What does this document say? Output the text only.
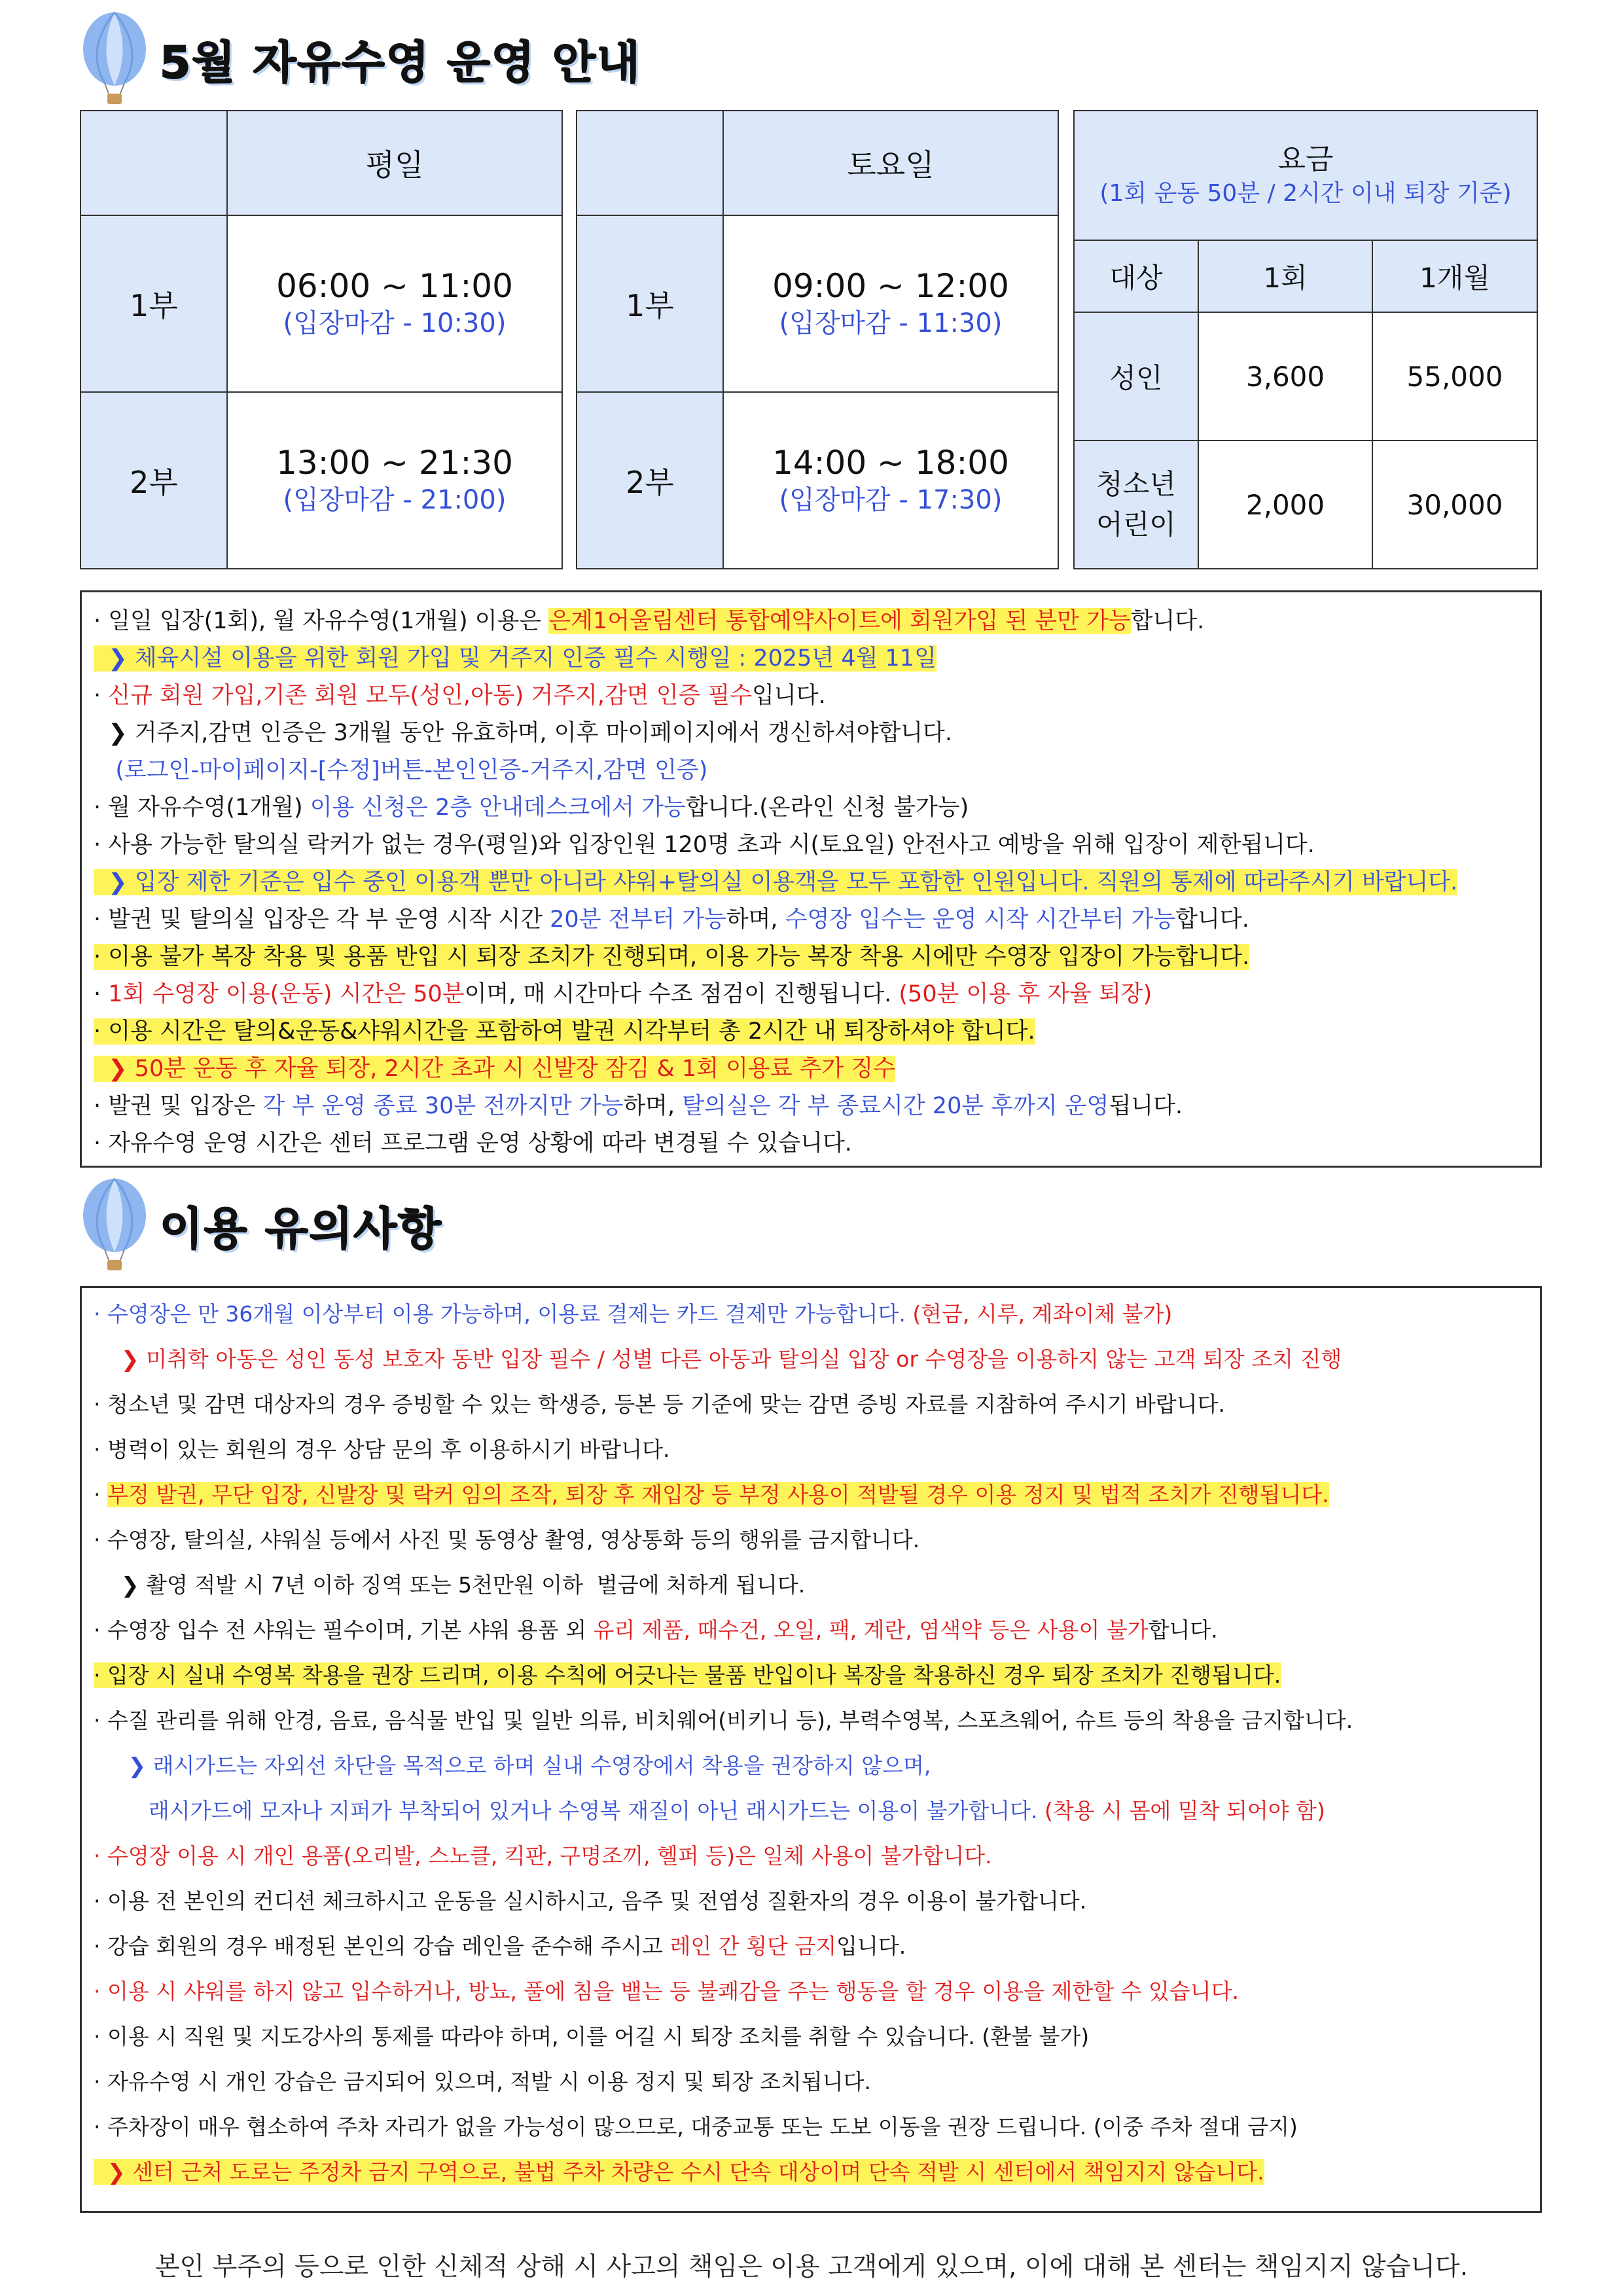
5월 자유수영 운영 안내
	평일
1부	06:00 ~ 11:00
(입장마감 - 10:30)

2부	13:00 ~ 21:30
(입장마감 - 21:00)
	토요일
1부	09:00 ~ 12:00
(입장마감 - 11:30)

2부	14:00 ~ 18:00
(입장마감 - 17:30)
요금
(1회 운동 50분 / 2시간 이내 퇴장 기준)		

대상	1회	1개월
성인	3,600	55,000
청소년
어린이	2,000	30,000
· 일일 입장(1회), 월 자유수영(1개월) 이용은 은계1어울림센터 통합예약사이트에 회원가입 된 분만 가능합니다.
❯ 체육시설 이용을 위한 회원 가입 및 거주지 인증 필수 시행일 : 2025년 4월 11일
· 신규 회원 가입,기존 회원 모두(성인,아동) 거주지,감면 인증 필수입니다.
❯ 거주지,감면 인증은 3개월 동안 유효하며, 이후 마이페이지에서 갱신하셔야합니다.
(로그인-마이페이지-[수정]버튼-본인인증-거주지,감면 인증)
· 월 자유수영(1개월) 이용 신청은 2층 안내데스크에서 가능합니다.(온라인 신청 불가능)
· 사용 가능한 탈의실 락커가 없는 경우(평일)와 입장인원 120명 초과 시(토요일) 안전사고 예방을 위해 입장이 제한됩니다.
❯ 입장 제한 기준은 입수 중인 이용객 뿐만 아니라 샤워+탈의실 이용객을 모두 포함한 인원입니다. 직원의 통제에 따라주시기 바랍니다.
· 발권 및 탈의실 입장은 각 부 운영 시작 시간 20분 전부터 가능하며, 수영장 입수는 운영 시작 시간부터 가능합니다.
· 이용 불가 복장 착용 및 용품 반입 시 퇴장 조치가 진행되며, 이용 가능 복장 착용 시에만 수영장 입장이 가능합니다.
· 1회 수영장 이용(운동) 시간은 50분이며, 매 시간마다 수조 점검이 진행됩니다. (50분 이용 후 자율 퇴장)
· 이용 시간은 탈의&운동&샤워시간을 포함하여 발권 시각부터 총 2시간 내 퇴장하셔야 합니다.
❯ 50분 운동 후 자율 퇴장, 2시간 초과 시 신발장 잠김 & 1회 이용료 추가 징수
· 발권 및 입장은 각 부 운영 종료 30분 전까지만 가능하며, 탈의실은 각 부 종료시간 20분 후까지 운영됩니다.
· 자유수영 운영 시간은 센터 프로그램 운영 상황에 따라 변경될 수 있습니다.
이용 유의사항
· 수영장은 만 36개월 이상부터 이용 가능하며, 이용료 결제는 카드 결제만 가능합니다. (현금, 시루, 계좌이체 불가)
❯ 미취학 아동은 성인 동성 보호자 동반 입장 필수 / 성별 다른 아동과 탈의실 입장 or 수영장을 이용하지 않는 고객 퇴장 조치 진행
· 청소년 및 감면 대상자의 경우 증빙할 수 있는 학생증, 등본 등 기준에 맞는 감면 증빙 자료를 지참하여 주시기 바랍니다.
· 병력이 있는 회원의 경우 상담 문의 후 이용하시기 바랍니다.
· 부정 발권, 무단 입장, 신발장 및 락커 임의 조작, 퇴장 후 재입장 등 부정 사용이 적발될 경우 이용 정지 및 법적 조치가 진행됩니다.
· 수영장, 탈의실, 샤워실 등에서 사진 및 동영상 촬영, 영상통화 등의 행위를 금지합니다.
❯ 촬영 적발 시 7년 이하 징역 또는 5천만원 이하  벌금에 처하게 됩니다.
· 수영장 입수 전 샤워는 필수이며, 기본 샤워 용품 외 유리 제품, 때수건, 오일, 팩, 계란, 염색약 등은 사용이 불가합니다.
· 입장 시 실내 수영복 착용을 권장 드리며, 이용 수칙에 어긋나는 물품 반입이나 복장을 착용하신 경우 퇴장 조치가 진행됩니다.
· 수질 관리를 위해 안경, 음료, 음식물 반입 및 일반 의류, 비치웨어(비키니 등), 부력수영복, 스포츠웨어, 슈트 등의 착용을 금지합니다.
❯ 래시가드는 자외선 차단을 목적으로 하며 실내 수영장에서 착용을 권장하지 않으며,
래시가드에 모자나 지퍼가 부착되어 있거나 수영복 재질이 아닌 래시가드는 이용이 불가합니다. (착용 시 몸에 밀착 되어야 함)
· 수영장 이용 시 개인 용품(오리발, 스노클, 킥판, 구명조끼, 헬퍼 등)은 일체 사용이 불가합니다.
· 이용 전 본인의 컨디션 체크하시고 운동을 실시하시고, 음주 및 전염성 질환자의 경우 이용이 불가합니다.
· 강습 회원의 경우 배정된 본인의 강습 레인을 준수해 주시고 레인 간 횡단 금지입니다.
· 이용 시 샤워를 하지 않고 입수하거나, 방뇨, 풀에 침을 뱉는 등 불쾌감을 주는 행동을 할 경우 이용을 제한할 수 있습니다.
· 이용 시 직원 및 지도강사의 통제를 따라야 하며, 이를 어길 시 퇴장 조치를 취할 수 있습니다. (환불 불가)
· 자유수영 시 개인 강습은 금지되어 있으며, 적발 시 이용 정지 및 퇴장 조치됩니다.
· 주차장이 매우 협소하여 주차 자리가 없을 가능성이 많으므로, 대중교통 또는 도보 이동을 권장 드립니다. (이중 주차 절대 금지)
❯ 센터 근처 도로는 주정차 금지 구역으로, 불법 주차 차량은 수시 단속 대상이며 단속 적발 시 센터에서 책임지지 않습니다.
본인 부주의 등으로 인한 신체적 상해 시 사고의 책임은 이용 고객에게 있으며, 이에 대해 본 센터는 책임지지 않습니다.
